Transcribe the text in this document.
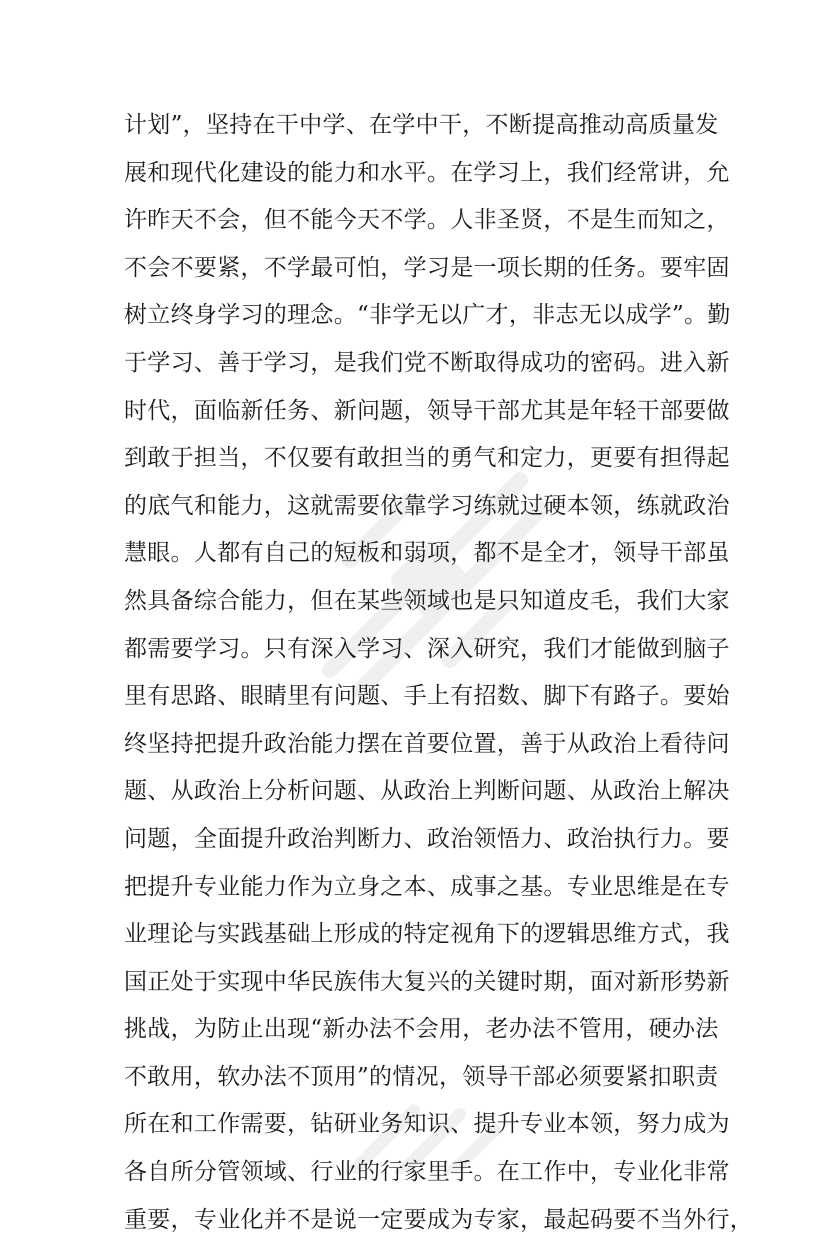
计划”，坚持在干中学、在学中干，不断提高推动高质量发
展和现代化建设的能力和水平。在学习上，我们经常讲，允
许昨天不会，但不能今天不学。人非圣贤，不是生而知之，
不会不要紧，不学最可怕，学习是一项长期的任务。要牢固
树立终身学习的理念。“非学无以广才，非志无以成学”。勤
于学习、善于学习，是我们党不断取得成功的密码。进入新
时代，面临新任务、新问题，领导干部尤其是年轻干部要做
到敢于担当，不仅要有敢担当的勇气和定力，更要有担得起
的底气和能力，这就需要依靠学习练就过硬本领，练就政治
慧眼。人都有自己的短板和弱项，都不是全才，领导干部虽
然具备综合能力，但在某些领域也是只知道皮毛，我们大家
都需要学习。只有深入学习、深入研究，我们才能做到脑子
里有思路、眼睛里有问题、手上有招数、脚下有路子。要始
终坚持把提升政治能力摆在首要位置，善于从政治上看待问
题、从政治上分析问题、从政治上判断问题、从政治上解决
问题，全面提升政治判断力、政治领悟力、政治执行力。要
把提升专业能力作为立身之本、成事之基。专业思维是在专
业理论与实践基础上形成的特定视角下的逻辑思维方式，我
国正处于实现中华民族伟大复兴的关键时期，面对新形势新
挑战，为防止出现“新办法不会用，老办法不管用，硬办法
不敢用，软办法不顶用”的情况，领导干部必须要紧扣职责
所在和工作需要，钻研业务知识、提升专业本领，努力成为
各自所分管领域、行业的行家里手。在工作中，专业化非常
重要，专业化并不是说一定要成为专家，最起码要不当外行，
